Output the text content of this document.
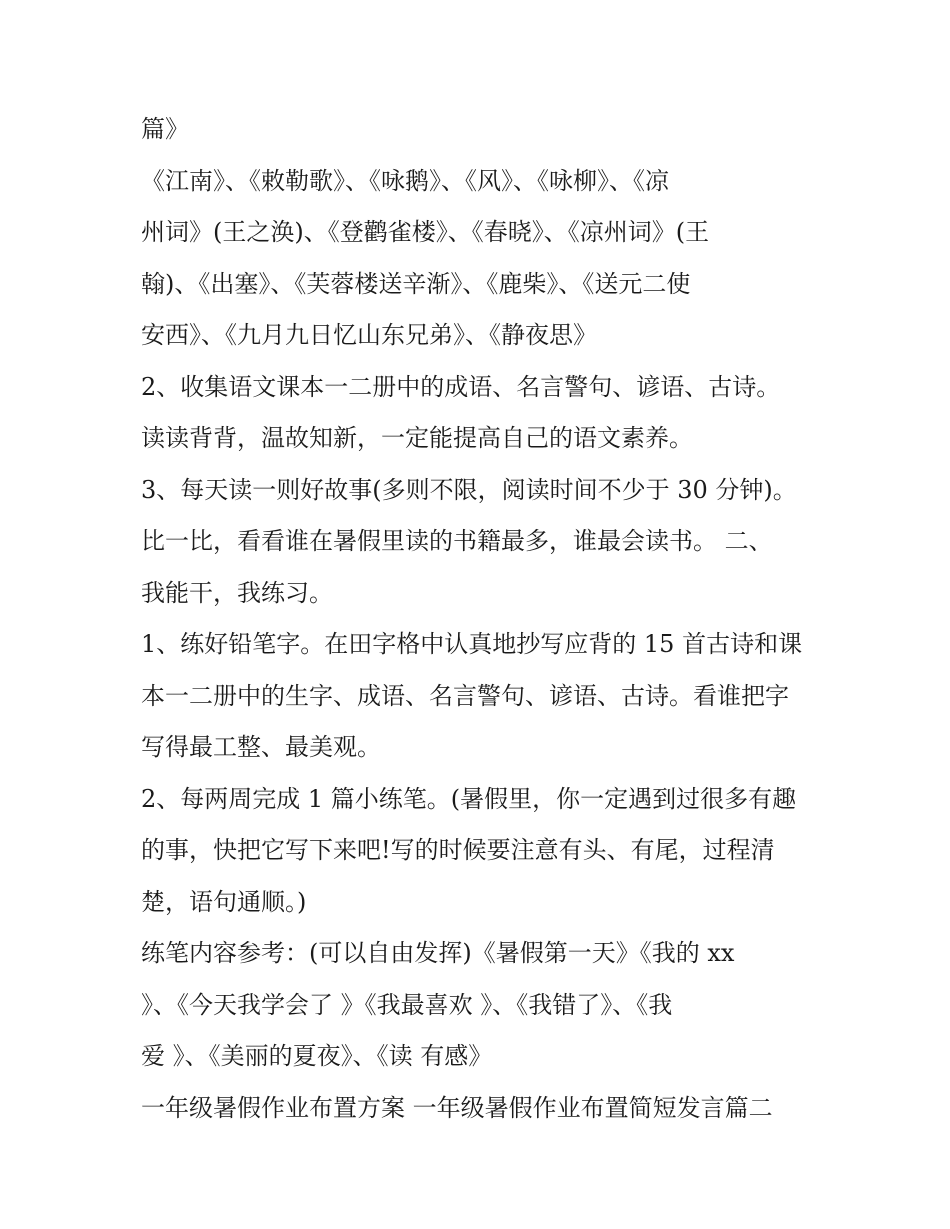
篇》
《江南》、《敕勒歌》、《咏鹅》、《风》、《咏柳》、《凉
州词》(王之涣)、《登鹳雀楼》、《春晓》、《凉州词》(王
翰)、《出塞》、《芙蓉楼送辛渐》、《鹿柴》、《送元二使
安西》、《九月九日忆山东兄弟》、《静夜思》
2、收集语文课本一二册中的成语、名言警句、谚语、古诗。
读读背背，温故知新，一定能提高自己的语文素养。
3、每天读一则好故事(多则不限，阅读时间不少于 30 分钟)。
比一比，看看谁在暑假里读的书籍最多，谁最会读书。 二、
我能干，我练习。
1、练好铅笔字。在田字格中认真地抄写应背的 15 首古诗和课
本一二册中的生字、成语、名言警句、谚语、古诗。看谁把字
写得最工整、最美观。
2、每两周完成 1 篇小练笔。(暑假里，你一定遇到过很多有趣
的事，快把它写下来吧!写的时候要注意有头、有尾，过程清
楚，语句通顺。)
练笔内容参考：(可以自由发挥)《暑假第一天》《我的 xx
》、《今天我学会了 》《我最喜欢 》、《我错了》、《我
爱 》、《美丽的夏夜》、《读 有感》
一年级暑假作业布置方案 一年级暑假作业布置简短发言篇二
